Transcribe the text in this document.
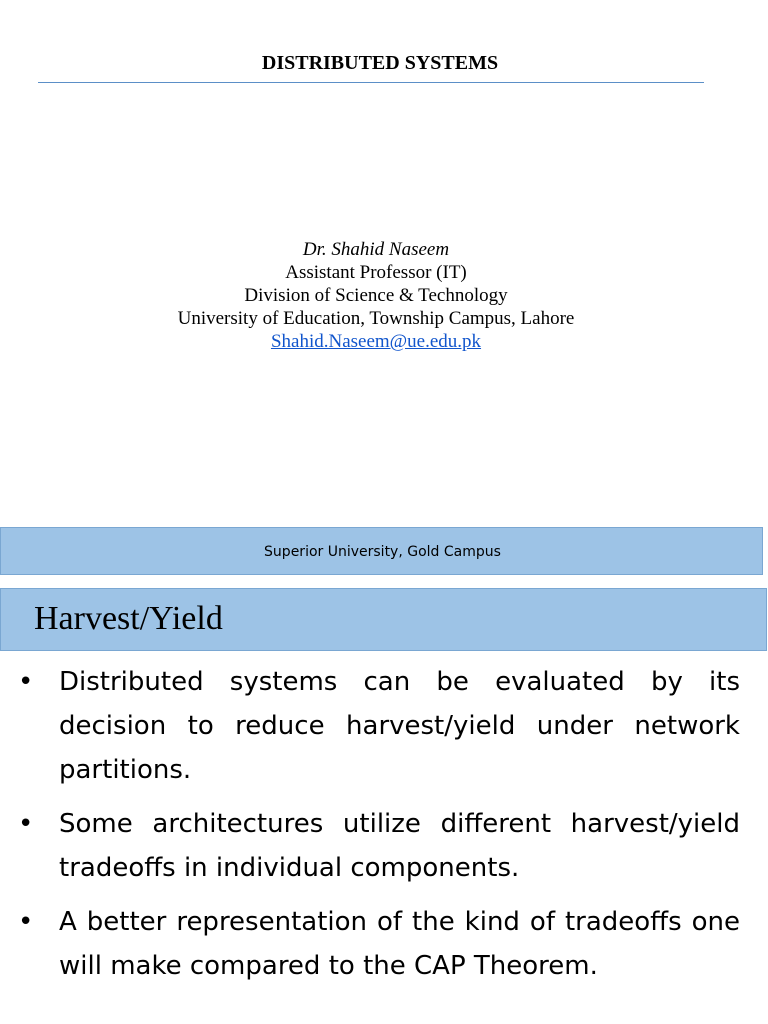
DISTRIBUTED SYSTEMS
Dr. Shahid Naseem
Assistant Professor (IT)
Division of Science & Technology
University of Education, Township Campus, Lahore
Shahid.Naseem@ue.edu.pk
Superior University, Gold Campus
Harvest/Yield
• Distributed systems can be evaluated by its decision to reduce harvest/yield under network partitions.
• Some architectures utilize different harvest/yield tradeoffs in individual components.
• A better representation of the kind of tradeoffs one will make compared to the CAP Theorem.
